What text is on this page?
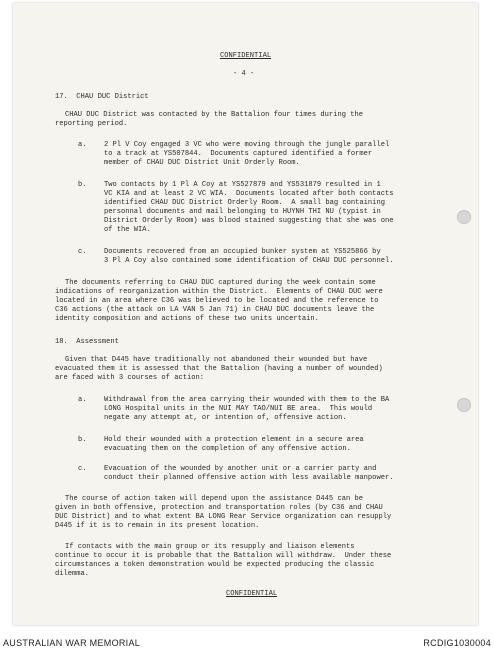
CONFIDENTIAL
- 4 -
17.  CHAU DUC District
CHAU DUC District was contacted by the Battalion four times during the
reporting period.
a. 2 Pl V Coy engaged 3 VC who were moving through the jungle parallel
to a track at YS507844.  Documents captured identified a former
member of CHAU DUC District Unit Orderly Room.
b. Two contacts by 1 Pl A Coy at YS527879 and YS531879 resulted in 1
VC KIA and at least 2 VC WIA.  Documents located after both contacts
identified CHAU DUC District Orderly Room.  A small bag containing
personnal documents and mail belonging to HUYNH THI NU (typist in
District Orderly Room) was blood stained suggesting that she was one
of the WIA.
c. Documents recovered from an occupied bunker system at YS525866 by
3 Pl A Coy also contained some identification of CHAU DUC personnel.
The documents referring to CHAU DUC captured during the week contain some
indications of reorganization within the District.  Elements of CHAU DUC were
located in an area where C36 was believed to be located and the reference to
C36 actions (the attack on LA VAN 5 Jan 71) in CHAU DUC documents leave the
identity composition and actions of these two units uncertain.
18.  Assessment
Given that D445 have traditionally not abandoned their wounded but have
evacuated them it is assessed that the Battalion (having a number of wounded)
are faced with 3 courses of action:
a. Withdrawal from the area carrying their wounded with them to the BA
LONG Hospital units in the NUI MAY TAO/NUI BE area.  This would
negate any attempt at, or intention of, offensive action.
b. Hold their wounded with a protection element in a secure area
evacuating them on the completion of any offensive action.
c. Evacuation of the wounded by another unit or a carrier party and
conduct their planned offensive action with less available manpower.
The course of action taken will depend upon the assistance D445 can be
given in both offensive, protection and transportation roles (by C36 and CHAU
DUC District) and to what extent BA LONG Rear Service organization can resupply
D445 if it is to remain in its present location.
If contacts with the main group or its resupply and liaison elements
continue to occur it is probable that the Battalion will withdraw.  Under these
circumstances a token demonstration would be expected producing the classic
dilemma.
CONFIDENTIAL
AUSTRALIAN WAR MEMORIAL	RCDIG1030004
